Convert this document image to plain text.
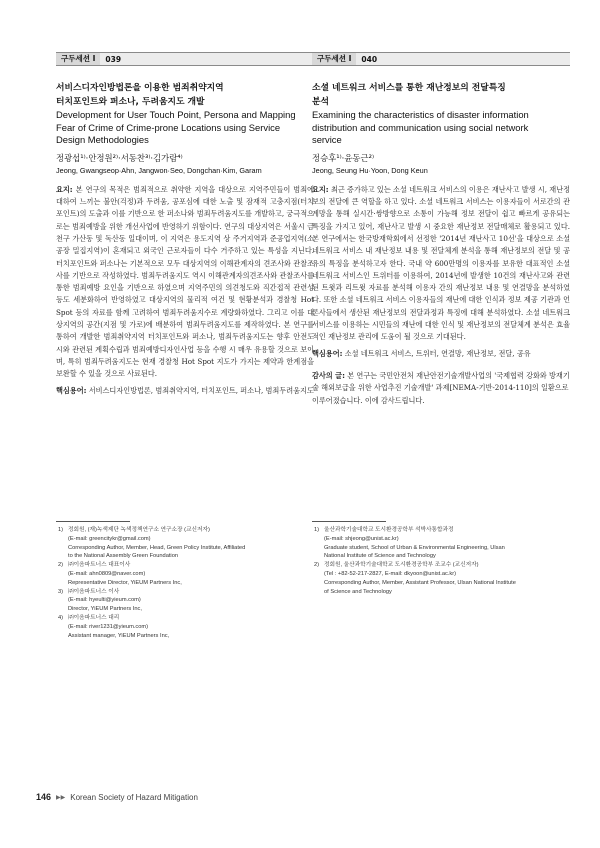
구두세션 I	039
서비스디자인방법론을 이용한 범죄취약지역
터치포인트와 퍼소나, 두려움지도 개발
Development for User Touch Point, Persona and Mapping
Fear of Crime of Crime-prone Locations using Service
Design Methodologies
정광섭¹⁾·안정원²⁾·서동찬³⁾·김가람⁴⁾
Jeong, Gwangseop·Ahn, Jangwon·Seo, Dongchan·Kim, Garam
요지: 본 연구의 목적은 범죄적으로 취약한 지역을 대상으로 지역주민들이 범죄에 대하여 느끼는 불안(걱정)과 두려움, 공포심에 대한 노출 및 잠재적 고충지점(터치포인트)의 도출과 이를 기반으로 한 퍼소나와 범죄두려움지도를 개발하고, 궁극적으로는 범죄예방을 위한 개선사업에 반영하기 위함이다. 연구의 대상지역은 서울시 금천구 가산동 및 독산동 일대이며, 이 지역은 용도지역 상 주거지역과 준공업지역(소공장 밀집지역)이 혼재되고 외국인 근로자들이 다수 거주하고 있는 특성을 지닌다. 터치포인트와 퍼소나는 기본적으로 모두 대상지역의 이해관계자의 견조사와 관찰조사를 기반으로 작성하였다. 범죄두려움지도 역시 이해관계자의견조사와 관찰조사를 통한 범죄예방 요인을 기반으로 하였으며 지역주민의 의견청도와 직간접적 관련성 등도 세분화하여 반영하였고 대상지역의 물리적 여건 및 현황분석과 경찰청 Hot Spot 등의 자료를 함께 고려하여 범죄두려움지수로 계량화하였다. 그리고 이를 대상지역의 공간(지점 및 가로)에 배분하여 범죄두려움지도를 제작하였다. 본 연구를 통하여 개발한 범죄취약지역 터치포인트와 퍼소나, 범죄두려움지도는 향후 안전도시와 관련된 계획수립과 범죄예방디자인사업 등을 수행 시 매우 유용할 것으로 보이며, 특히 범죄두려움지도는 현재 경찰청 Hot Spot 지도가 가지는 제약과 한계점을 보완할 수 있을 것으로 사료된다.
핵심용어: 서비스디자인방법론, 범죄취약지역, 터치포인트, 퍼소나, 범죄두려움지도
1) 정회원, (재)녹색제단 녹색정책연구소 연구소장 (교신저자)
(E-mail: greencitykr@gmail.com)
Corresponding Author, Member, Head, Green Policy Institute, Affiliated
to the National Assembly Green Foundation
2) ㈜이음파트너스 대표이사
(E-mail: ahn0809@naver.com)
Representative Director, YiEUM Partners Inc,
3) ㈜이음파트너스 이사
(E-mail: hyeulti@yieum.com)
Director, YiEUM Partners Inc,
4) ㈜이음파트너스 대리
(E-mail: river1231@yieum.com)
Assistant manager, YiEUM Partners Inc,
구두세션 I	040
소셜 네트워크 서비스를 통한 재난정보의 전달특징
분석
Examining the characteristics of disaster information
distribution and communication using social network
service
정승후¹⁾·윤동근²⁾
Jeong, Seung Hu·Yoon, Dong Keun
요지: 최근 증가하고 있는 소셜 네트워크 서비스의 이용은 재난사고 발생 시, 재난정보의 전달에 큰 역할을 하고 있다. 소셜 네트워크 서비스는 이용자들이 서로간의 관계망을 통해 실시간·쌍방향으로 소통이 가능해 정보 전달이 쉽고 빠르게 공유되는 특징을 가지고 있어, 재난사고 발생 시 중요한 재난정보 전달매체로 활용되고 있다. 본 연구에서는 한국방재학회에서 선정한 '2014년 재난사고 10선'을 대상으로 소셜 네트워크 서비스 내 재난정보 내용 및 전달체계 분석을 통해 재난정보의 전달 및 공유의 특징을 분석하고자 한다. 국내 약 600만명의 이용자를 보유한 대표적인 소셜 네트워크 서비스인 트위터를 이용하여, 2014년에 발생한 10건의 재난사고와 관련된 트윗과 리트윗 자료를 분석해 이용자 간의 재난정보 내용 및 연결망을 분석하였다. 또한 소셜 네트워크 서비스 이용자들의 재난에 대한 인식과 정보 제공 기관과 언론사들에서 생산된 재난정보의 전달과정과 특징에 대해 분석하였다. 소셜 네트워크 서비스를 이용하는 시민들의 재난에 대한 인식 및 재난정보의 전달체계 분석은 효율적인 재난정보 관리에 도움이 될 것으로 기대된다.
핵심용어: 소셜 네트워크 서비스, 트위터, 연결망, 재난정보, 전달, 공유
감사의 글: 본 연구는 국민안전처 재난안전기술개발사업의 '국제협력 강화와 방재기술 해외보급을 위한 사업추진 기술개발' 과제[NEMA-기반-2014-110]의 일환으로 이루어졌습니다. 이에 감사드립니다.
1) 울산과학기술대학교 도시환경공학부 석박사통합과정
(E-mail: shjeong@unist.ac.kr)
Graduate student, School of Urban & Environmental Engineering, Ulsan
National Institute of Science and Technology
2) 정회원, 울산과학기술대학교 도시환경공학부 조교수 (교신저자)
(Tel : +82-52-217-2827, E-mail: dkyoon@unist.ac.kr)
Corresponding Author, Member, Assistant Professor, Ulsan National Institute
of Science and Technology
146 ▶▶ Korean Society of Hazard Mitigation
